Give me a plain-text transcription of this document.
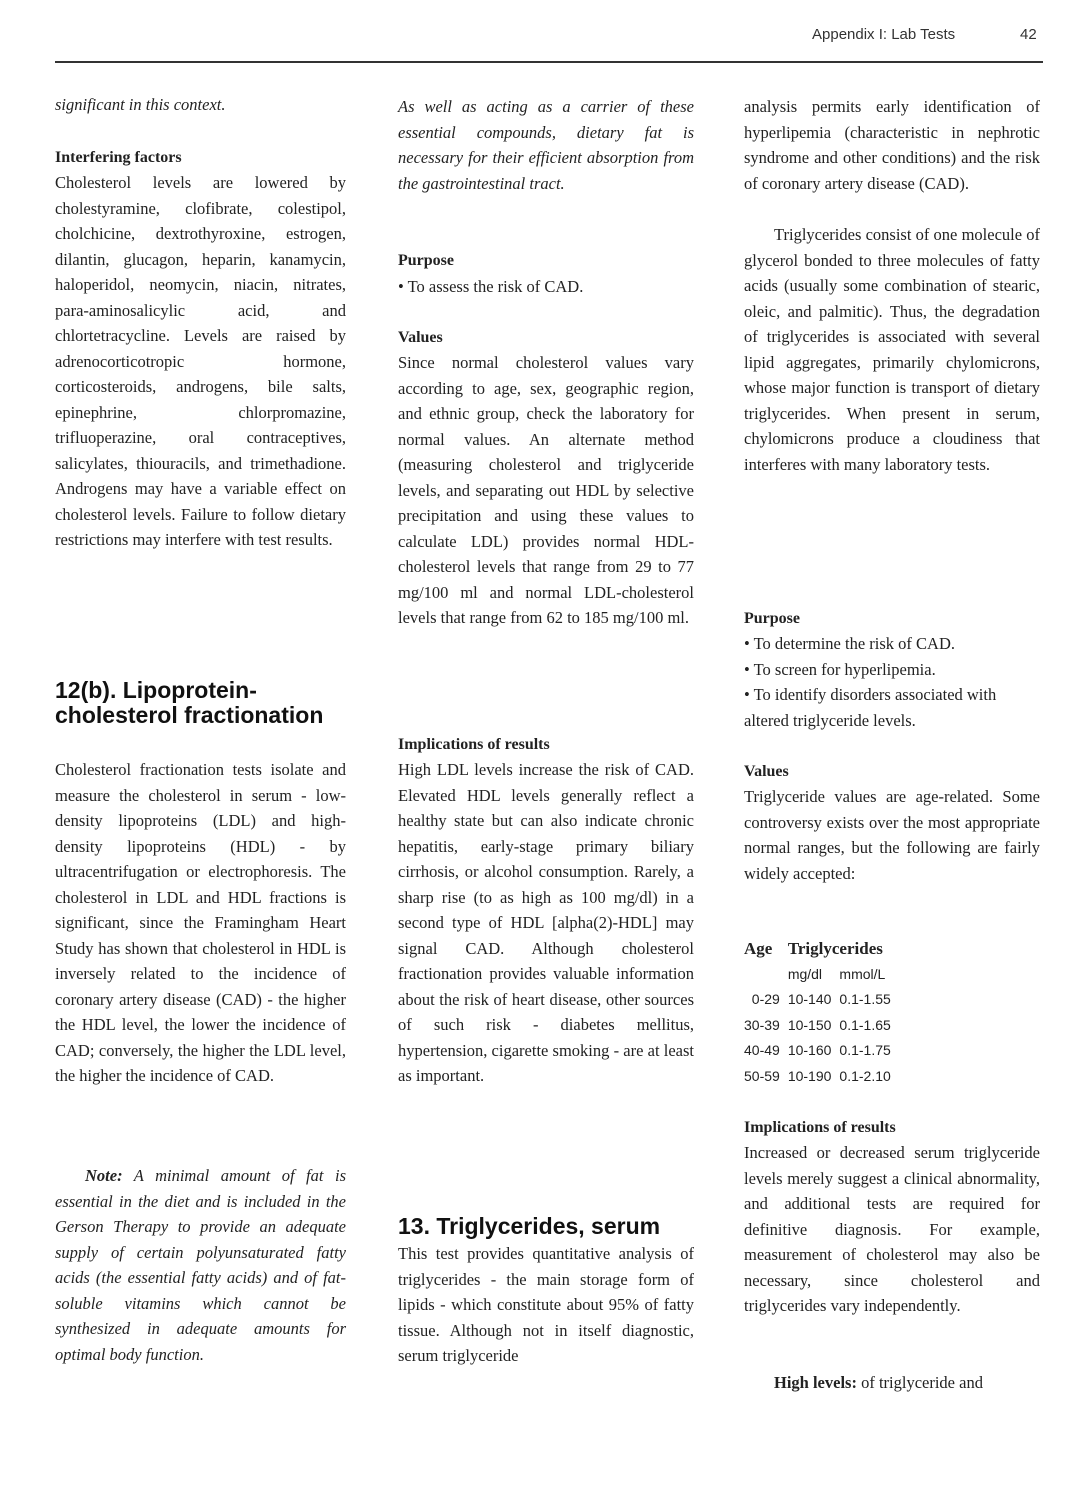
Appendix I: Lab Tests	42

significant in this context.

Interfering factors

Cholesterol levels are lowered by cholestyramine, clofibrate, colestipol, cholchicine, dextrothyroxine, estrogen, dilantin, glucagon, heparin, kanamycin, haloperidol, neomycin, niacin, nitrates, para-aminosalicylic acid, and chlortetracycline. Levels are raised by adrenocorticotropic hormone, corticosteroids, androgens, bile salts, epinephrine, chlorpromazine, trifluoperazine, oral contraceptives, salicylates, thiouracils, and trimethadione. Androgens may have a variable effect on cholesterol levels. Failure to follow dietary restrictions may interfere with test results.

12(b). Lipoprotein-cholesterol fractionation

Cholesterol fractionation tests isolate and measure the cholesterol in serum - low-density lipoproteins (LDL) and high-density lipoproteins (HDL) - by ultracentrifugation or electrophoresis. The cholesterol in LDL and HDL fractions is significant, since the Framingham Heart Study has shown that cholesterol in HDL is inversely related to the incidence of coronary artery disease (CAD) - the higher the HDL level, the lower the incidence of CAD; conversely, the higher the LDL level, the higher the incidence of CAD.

Note: A minimal amount of fat is essential in the diet and is included in the Gerson Therapy to provide an adequate supply of certain polyunsaturated fatty acids (the essential fatty acids) and of fat-soluble vitamins which cannot be synthesized in adequate amounts for optimal body function.

As well as acting as a carrier of these essential compounds, dietary fat is necessary for their efficient absorption from the gastrointestinal tract.

Purpose

• To assess the risk of CAD.

Values

Since normal cholesterol values vary according to age, sex, geographic region, and ethnic group, check the laboratory for normal values. An alternate method (measuring cholesterol and triglyceride levels, and separating out HDL by selective precipitation and using these values to calculate LDL) provides normal HDL-cholesterol levels that range from 29 to 77 mg/100 ml and normal LDL-cholesterol levels that range from 62 to 185 mg/100 ml.

Implications of results

High LDL levels increase the risk of CAD. Elevated HDL levels generally reflect a healthy state but can also indicate chronic hepatitis, early-stage primary biliary cirrhosis, or alcohol consumption. Rarely, a sharp rise (to as high as 100 mg/dl) in a second type of HDL [alpha(2)-HDL] may signal CAD. Although cholesterol fractionation provides valuable information about the risk of heart disease, other sources of such risk - diabetes mellitus, hypertension, cigarette smoking - are at least as important.

13. Triglycerides, serum

This test provides quantitative analysis of triglycerides - the main storage form of lipids - which constitute about 95% of fatty tissue. Although not in itself diagnostic, serum triglyceride

analysis permits early identification of hyperlipemia (characteristic in nephrotic syndrome and other conditions) and the risk of coronary artery disease (CAD).

Triglycerides consist of one molecule of glycerol bonded to three molecules of fatty acids (usually some combination of stearic, oleic, and palmitic). Thus, the degradation of triglycerides is associated with several lipid aggregates, primarily chylomicrons, whose major function is transport of dietary triglycerides. When present in serum, chylomicrons produce a cloudiness that interferes with many laboratory tests.

Purpose

• To determine the risk of CAD.

• To screen for hyperlipemia.

• To identify disorders associated with altered triglyceride levels.

Values

Triglyceride values are age-related. Some controversy exists over the most appropriate normal ranges, but the following are fairly widely accepted:

Age	Triglycerides	
	mg/dl	mmol/L
0-29	10-140	0.1-1.55
30-39	10-150	0.1-1.65
40-49	10-160	0.1-1.75
50-59	10-190	0.1-2.10

Implications of results

Increased or decreased serum triglyceride levels merely suggest a clinical abnormality, and additional tests are required for definitive diagnosis. For example, measurement of cholesterol may also be necessary, since cholesterol and triglycerides vary independently.

High levels: of triglyceride and
